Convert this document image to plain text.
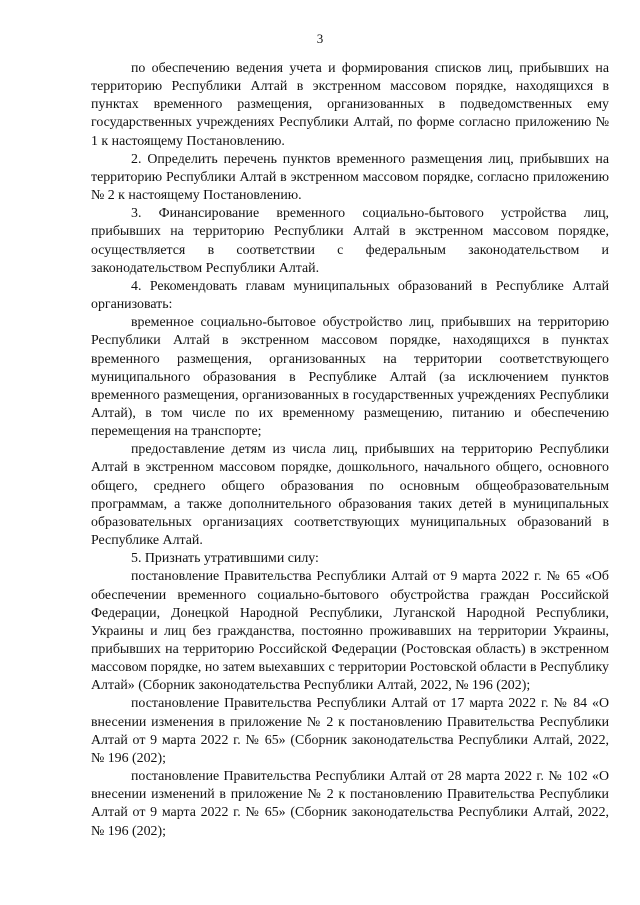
3

по обеспечению ведения учета и формирования списков лиц, прибывших на территорию Республики Алтай в экстренном массовом порядке, находящихся в пунктах временного размещения, организованных в подведомственных ему государственных учреждениях Республики Алтай, по форме согласно приложению № 1 к настоящему Постановлению.

2. Определить перечень пунктов временного размещения лиц, прибывших на территорию Республики Алтай в экстренном массовом порядке, согласно приложению № 2 к настоящему Постановлению.

3. Финансирование временного социально-бытового устройства лиц, прибывших на территорию Республики Алтай в экстренном массовом порядке, осуществляется в соответствии с федеральным законодательством и законодательством Республики Алтай.

4. Рекомендовать главам муниципальных образований в Республике Алтай организовать:

временное социально-бытовое обустройство лиц, прибывших на территорию Республики Алтай в экстренном массовом порядке, находящихся в пунктах временного размещения, организованных на территории соответствующего муниципального образования в Республике Алтай (за исключением пунктов временного размещения, организованных в государственных учреждениях Республики Алтай), в том числе по их временному размещению, питанию и обеспечению перемещения на транспорте;

предоставление детям из числа лиц, прибывших на территорию Республики Алтай в экстренном массовом порядке, дошкольного, начального общего, основного общего, среднего общего образования по основным общеобразовательным программам, а также дополнительного образования таких детей в муниципальных образовательных организациях соответствующих муниципальных образований в Республике Алтай.

5. Признать утратившими силу:

постановление Правительства Республики Алтай от 9 марта 2022 г. № 65 «Об обеспечении временного социально-бытового обустройства граждан Российской Федерации, Донецкой Народной Республики, Луганской Народной Республики, Украины и лиц без гражданства, постоянно проживавших на территории Украины, прибывших на территорию Российской Федерации (Ростовская область) в экстренном массовом порядке, но затем выехавших с территории Ростовской области в Республику Алтай» (Сборник законодательства Республики Алтай, 2022, № 196 (202);

постановление Правительства Республики Алтай от 17 марта 2022 г. № 84 «О внесении изменения в приложение № 2 к постановлению Правительства Республики Алтай от 9 марта 2022 г. № 65» (Сборник законодательства Республики Алтай, 2022, № 196 (202);

постановление Правительства Республики Алтай от 28 марта 2022 г. № 102 «О внесении изменений в приложение № 2 к постановлению Правительства Республики Алтай от 9 марта 2022 г. № 65» (Сборник законодательства Республики Алтай, 2022, № 196 (202);
